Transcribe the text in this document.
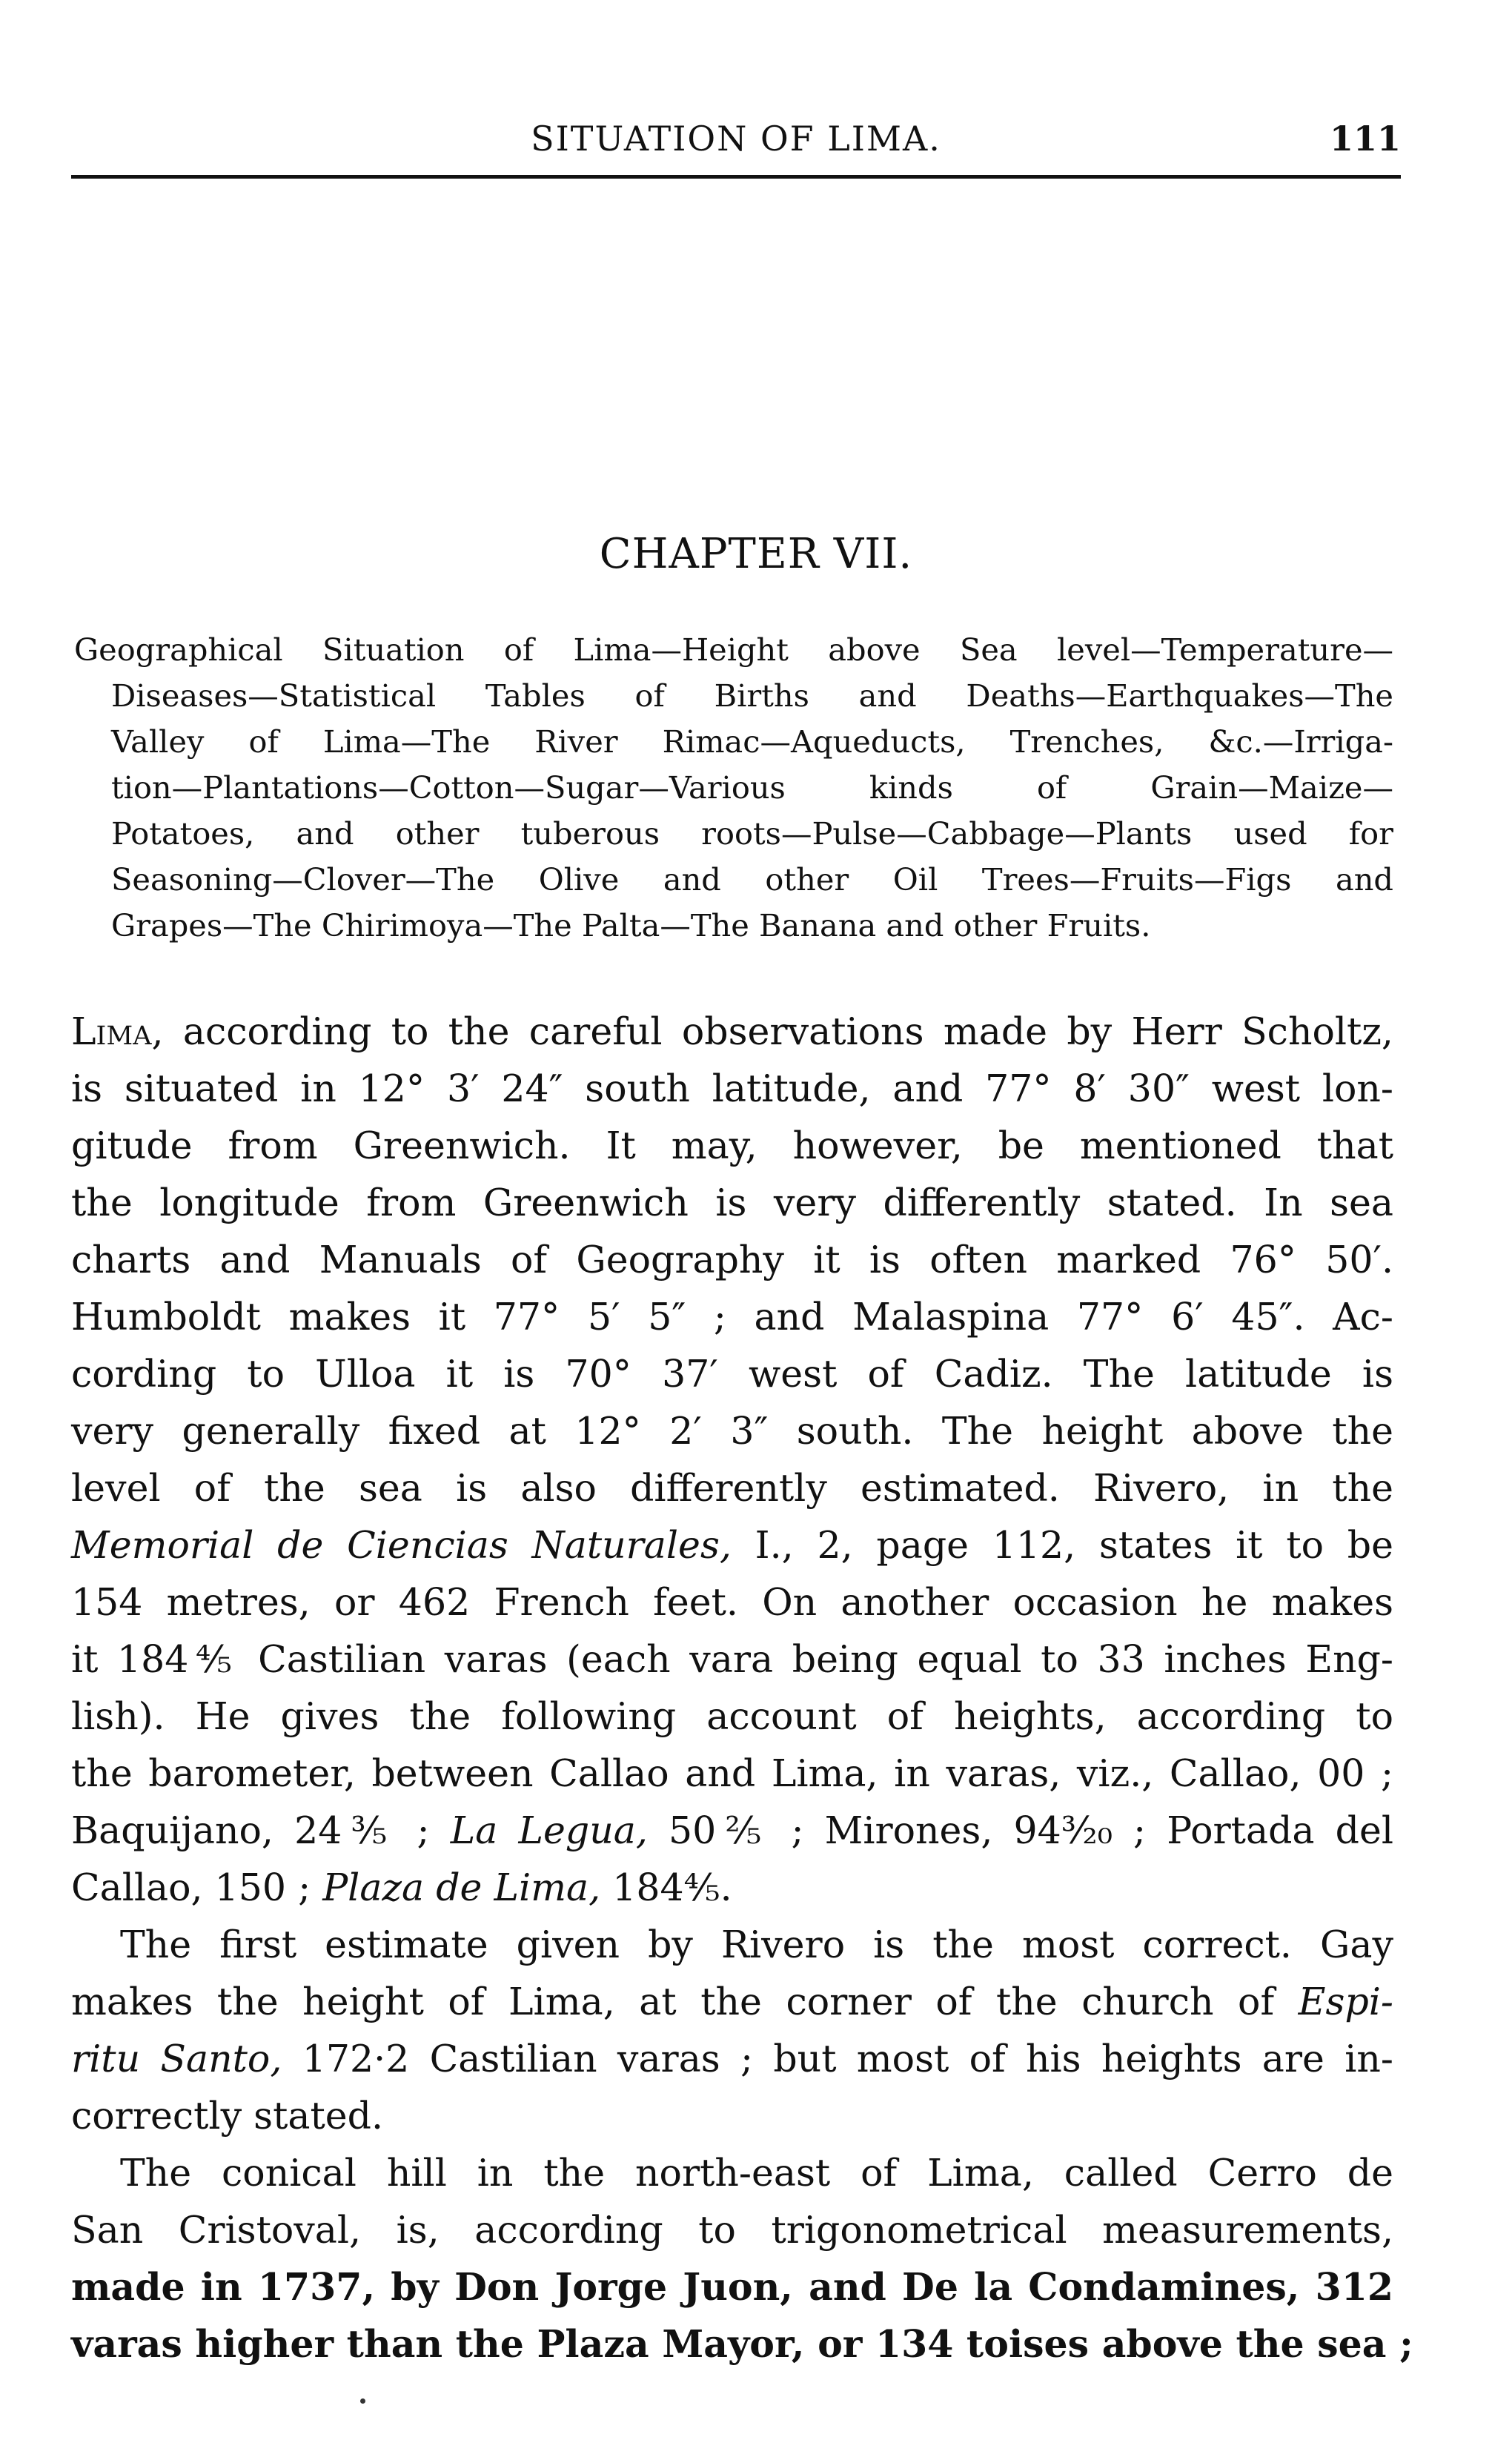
SITUATION OF LIMA.	111
CHAPTER VII.
Geographical Situation of Lima—Height above Sea level—Temperature—
Diseases—Statistical Tables of Births and Deaths—Earthquakes—The
Valley of Lima—The River Rimac—Aqueducts, Trenches, &c.—Irriga-
tion—Plantations—Cotton—Sugar—Various kinds of Grain—Maize—
Potatoes, and other tuberous roots—Pulse—Cabbage—Plants used for
Seasoning—Clover—The Olive and other Oil Trees—Fruits—Figs and
Grapes—The Chirimoya—The Palta—The Banana and other Fruits.
Lima, according to the careful observations made by Herr Scholtz,
is situated in 12° 3′ 24″ south latitude, and 77° 8′ 30″ west lon-
gitude from Greenwich. It may, however, be mentioned that
the longitude from Greenwich is very differently stated. In sea
charts and Manuals of Geography it is often marked 76° 50′.
Humboldt makes it 77° 5′ 5″ ; and Malaspina 77° 6′ 45″. Ac-
cording to Ulloa it is 70° 37′ west of Cadiz. The latitude is
very generally fixed at 12° 2′ 3″ south. The height above the
level of the sea is also differently estimated. Rivero, in the
Memorial de Ciencias Naturales, I., 2, page 112, states it to be
154 metres, or 462 French feet. On another occasion he makes
it 184⅘ Castilian varas (each vara being equal to 33 inches Eng-
lish). He gives the following account of heights, according to
the barometer, between Callao and Lima, in varas, viz., Callao, 00 ;
Baquijano, 24⅗ ; La Legua, 50⅖ ; Mirones, 94³⁄₂₀ ; Portada del
Callao, 150 ; Plaza de Lima, 184⅘.
The first estimate given by Rivero is the most correct. Gay
makes the height of Lima, at the corner of the church of Espi-
ritu Santo, 172·2 Castilian varas ; but most of his heights are in-
correctly stated.
The conical hill in the north-east of Lima, called Cerro de
San Cristoval, is, according to trigonometrical measurements,
made in 1737, by Don Jorge Juon, and De la Condamines, 312
varas higher than the Plaza Mayor, or 134 toises above the sea ;
